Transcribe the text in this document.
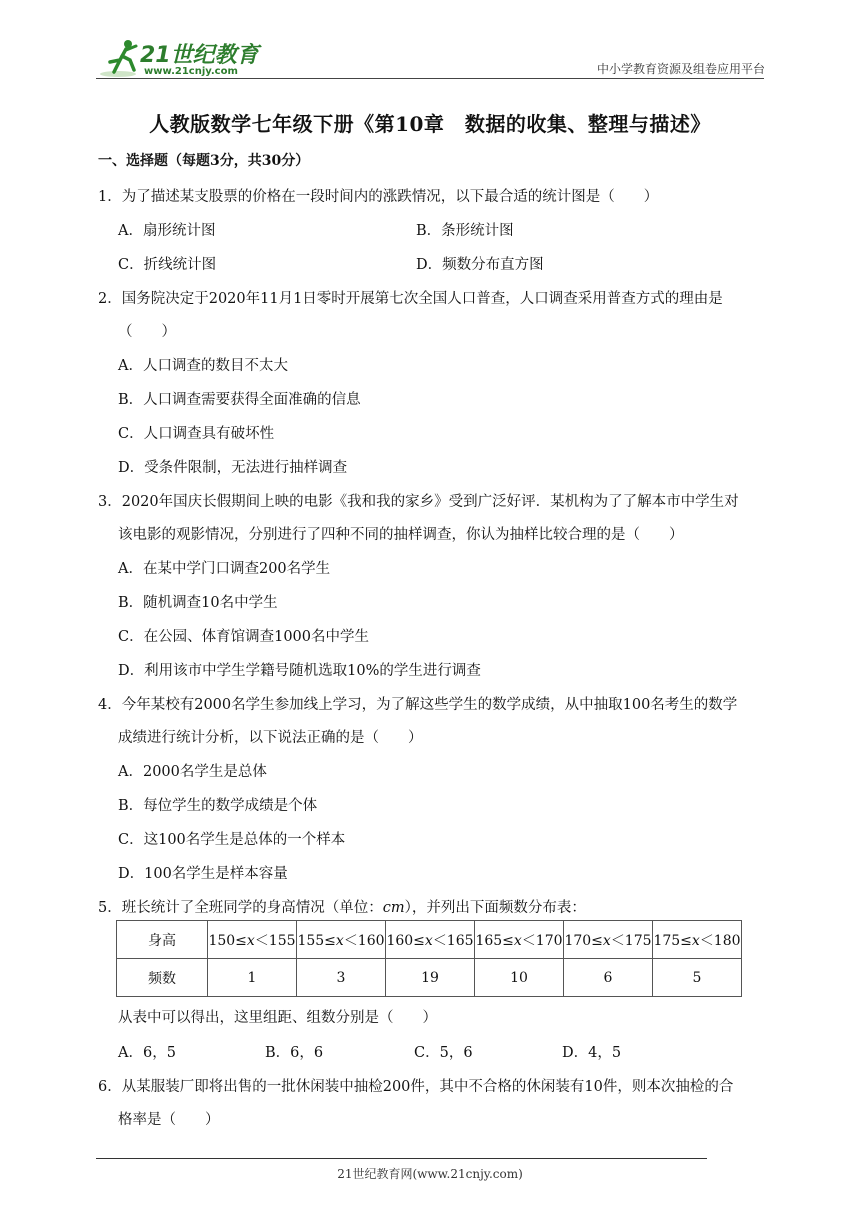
21世纪教育
www.21cnjy.com	中小学教育资源及组卷应用平台
人教版数学七年级下册《第10章　数据的收集、整理与描述》
一、选择题（每题3分，共30分）
1．为了描述某支股票的价格在一段时间内的涨跌情况，以下最合适的统计图是（　　）
A．扇形统计图	B．条形统计图
C．折线统计图	D．频数分布直方图
2．国务院决定于2020年11月1日零时开展第七次全国人口普查，人口调查采用普查方式的理由是
（　　）
A．人口调查的数目不太大
B．人口调查需要获得全面准确的信息
C．人口调查具有破坏性
D．受条件限制，无法进行抽样调查
3．2020年国庆长假期间上映的电影《我和我的家乡》受到广泛好评．某机构为了了解本市中学生对
该电影的观影情况，分别进行了四种不同的抽样调查，你认为抽样比较合理的是（　　）
A．在某中学门口调查200名学生
B．随机调查10名中学生
C．在公园、体育馆调查1000名中学生
D．利用该市中学生学籍号随机选取10%的学生进行调查
4．今年某校有2000名学生参加线上学习，为了解这些学生的数学成绩，从中抽取100名考生的数学
成绩进行统计分析，以下说法正确的是（　　）
A．2000名学生是总体
B．每位学生的数学成绩是个体
C．这100名学生是总体的一个样本
D．100名学生是样本容量
5．班长统计了全班同学的身高情况（单位：cm），并列出下面频数分布表：
身高	150≤x＜155	155≤x＜160	160≤x＜165	165≤x＜170	170≤x＜175	175≤x＜180
频数	1	3	19	10	6	5
从表中可以得出，这里组距、组数分别是（　　）
A．6，5	B．6，6	C．5，6	D．4，5
6．从某服装厂即将出售的一批休闲装中抽检200件，其中不合格的休闲装有10件，则本次抽检的合
格率是（　　）
21世纪教育网(www.21cnjy.com)
